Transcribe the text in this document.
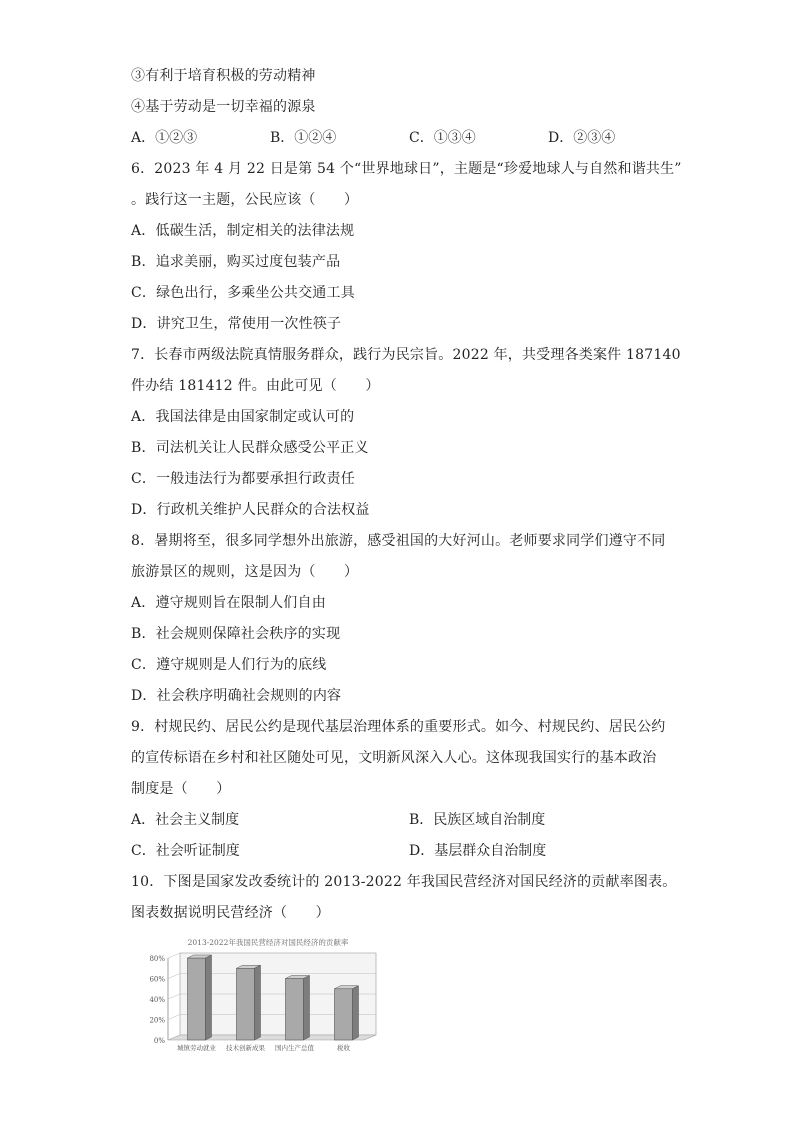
③有利于培育积极的劳动精神
④基于劳动是一切幸福的源泉
A．①②③	B．①②④	C．①③④	D．②③④
6．2023 年 4 月 22 日是第 54 个“世界地球日”，主题是“珍爱地球人与自然和谐共生”
。践行这一主题，公民应该（　　）
A．低碳生活，制定相关的法律法规
B．追求美丽，购买过度包装产品
C．绿色出行，多乘坐公共交通工具
D．讲究卫生，常使用一次性筷子
7．长春市两级法院真情服务群众，践行为民宗旨。2022 年，共受理各类案件 187140
件办结 181412 件。由此可见（　　）
A．我国法律是由国家制定或认可的
B．司法机关让人民群众感受公平正义
C．一般违法行为都要承担行政责任
D．行政机关维护人民群众的合法权益
8．暑期将至，很多同学想外出旅游，感受祖国的大好河山。老师要求同学们遵守不同
旅游景区的规则，这是因为（　　）
A．遵守规则旨在限制人们自由
B．社会规则保障社会秩序的实现
C．遵守规则是人们行为的底线
D．社会秩序明确社会规则的内容
9．村规民约、居民公约是现代基层治理体系的重要形式。如今、村规民约、居民公约
的宣传标语在乡村和社区随处可见，文明新风深入人心。这体现我国实行的基本政治
制度是（　　）
A．社会主义制度	B．民族区域自治制度
C．社会听证制度	D．基层群众自治制度
10．下图是国家发改委统计的 2013-2022 年我国民营经济对国民经济的贡献率图表。
图表数据说明民营经济（　　）
2013-2022年我国民营经济对国民经济的贡献率
80%
60%
40%
20%
0%
城镇劳动就业 技术创新成果 国内生产总值	税收
